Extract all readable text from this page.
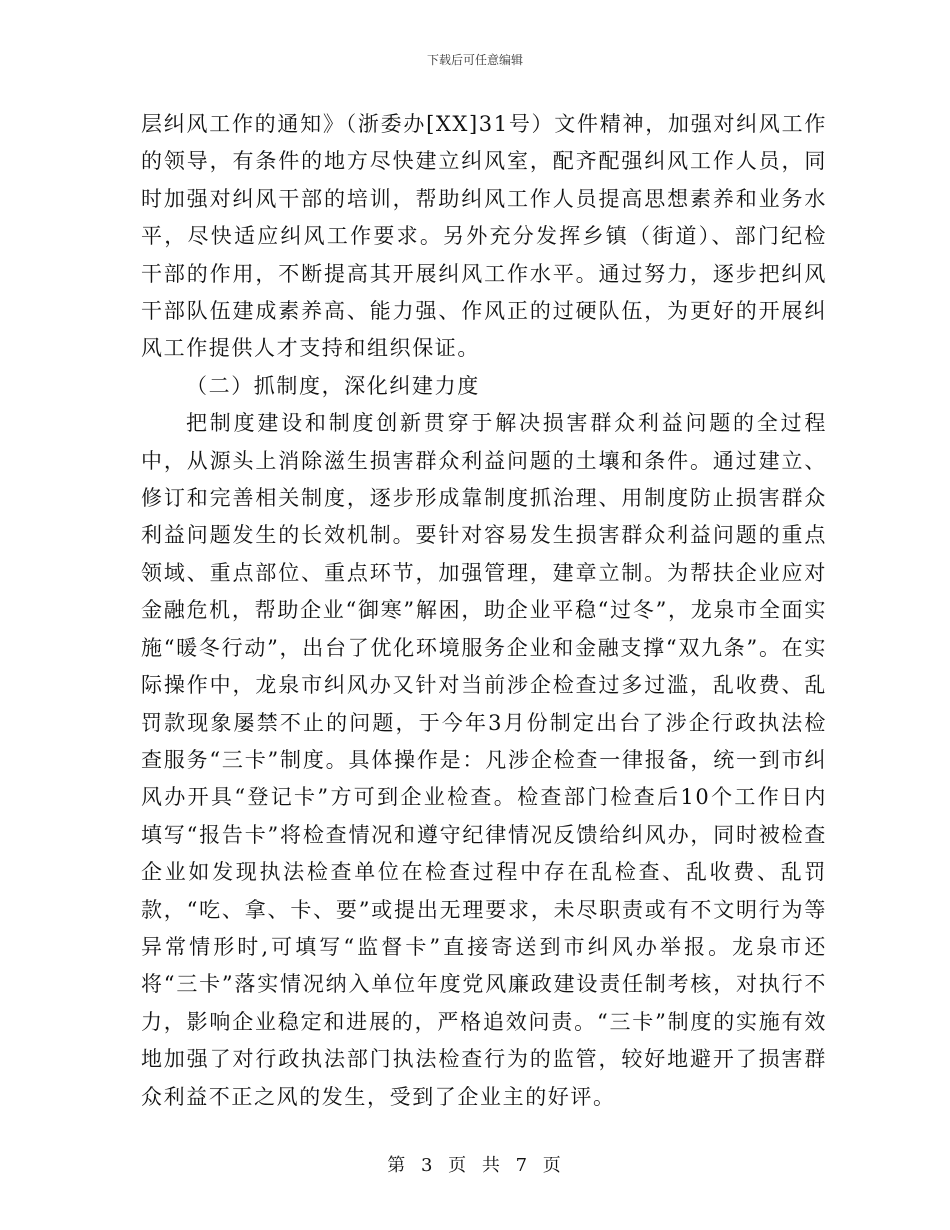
下载后可任意编辑

层纠风工作的通知》（浙委办[XX]31号）文件精神，加强对纠风工作的领导，有条件的地方尽快建立纠风室，配齐配强纠风工作人员，同时加强对纠风干部的培训，帮助纠风工作人员提高思想素养和业务水平，尽快适应纠风工作要求。另外充分发挥乡镇（街道）、部门纪检干部的作用，不断提高其开展纠风工作水平。通过努力，逐步把纠风干部队伍建成素养高、能力强、作风正的过硬队伍，为更好的开展纠风工作提供人才支持和组织保证。

（二）抓制度，深化纠建力度

把制度建设和制度创新贯穿于解决损害群众利益问题的全过程中，从源头上消除滋生损害群众利益问题的土壤和条件。通过建立、修订和完善相关制度，逐步形成靠制度抓治理、用制度防止损害群众利益问题发生的长效机制。要针对容易发生损害群众利益问题的重点领域、重点部位、重点环节，加强管理，建章立制。为帮扶企业应对金融危机，帮助企业“御寒”解困，助企业平稳“过冬”，龙泉市全面实施“暖冬行动”，出台了优化环境服务企业和金融支撑“双九条”。在实际操作中，龙泉市纠风办又针对当前涉企检查过多过滥，乱收费、乱罚款现象屡禁不止的问题，于今年3月份制定出台了涉企行政执法检查服务“三卡”制度。具体操作是：凡涉企检查一律报备，统一到市纠风办开具“登记卡”方可到企业检查。检查部门检查后10个工作日内填写“报告卡”将检查情况和遵守纪律情况反馈给纠风办，同时被检查企业如发现执法检查单位在检查过程中存在乱检查、乱收费、乱罚款，“吃、拿、卡、要”或提出无理要求，未尽职责或有不文明行为等异常情形时,可填写“监督卡”直接寄送到市纠风办举报。龙泉市还将“三卡”落实情况纳入单位年度党风廉政建设责任制考核，对执行不力，影响企业稳定和进展的，严格追效问责。“三卡”制度的实施有效地加强了对行政执法部门执法检查行为的监管，较好地避开了损害群众利益不正之风的发生，受到了企业主的好评。

第 3 页 共 7 页
